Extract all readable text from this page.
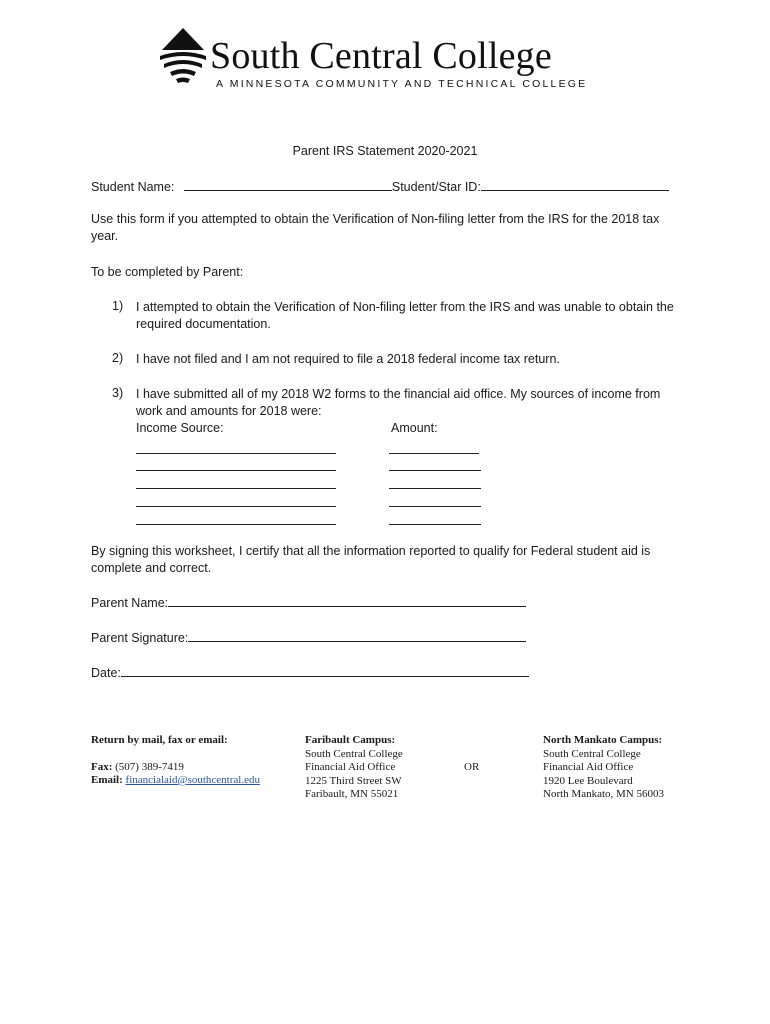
South Central College
A MINNESOTA COMMUNITY AND TECHNICAL COLLEGE
Parent IRS Statement 2020-2021
Student Name:	Student/Star ID:
Use this form if you attempted to obtain the Verification of Non-filing letter from the IRS for the 2018 tax year.
To be completed by Parent:
1) I attempted to obtain the Verification of Non-filing letter from the IRS and was unable to obtain the required documentation.
2) I have not filed and I am not required to file a 2018 federal income tax return.
3) I have submitted all of my 2018 W2 forms to the financial aid office. My sources of income from work and amounts for 2018 were:
Income Source:	Amount:
By signing this worksheet, I certify that all the information reported to qualify for Federal student aid is complete and correct.
Parent Name:
Parent Signature:
Date:
Return by mail, fax or email:
Fax: (507) 389-7419
Email: financialaid@southcentral.edu
Faribault Campus:
South Central College
Financial Aid Office
1225 Third Street SW
Faribault, MN 55021
OR
North Mankato Campus:
South Central College
Financial Aid Office
1920 Lee Boulevard
North Mankato, MN 56003
